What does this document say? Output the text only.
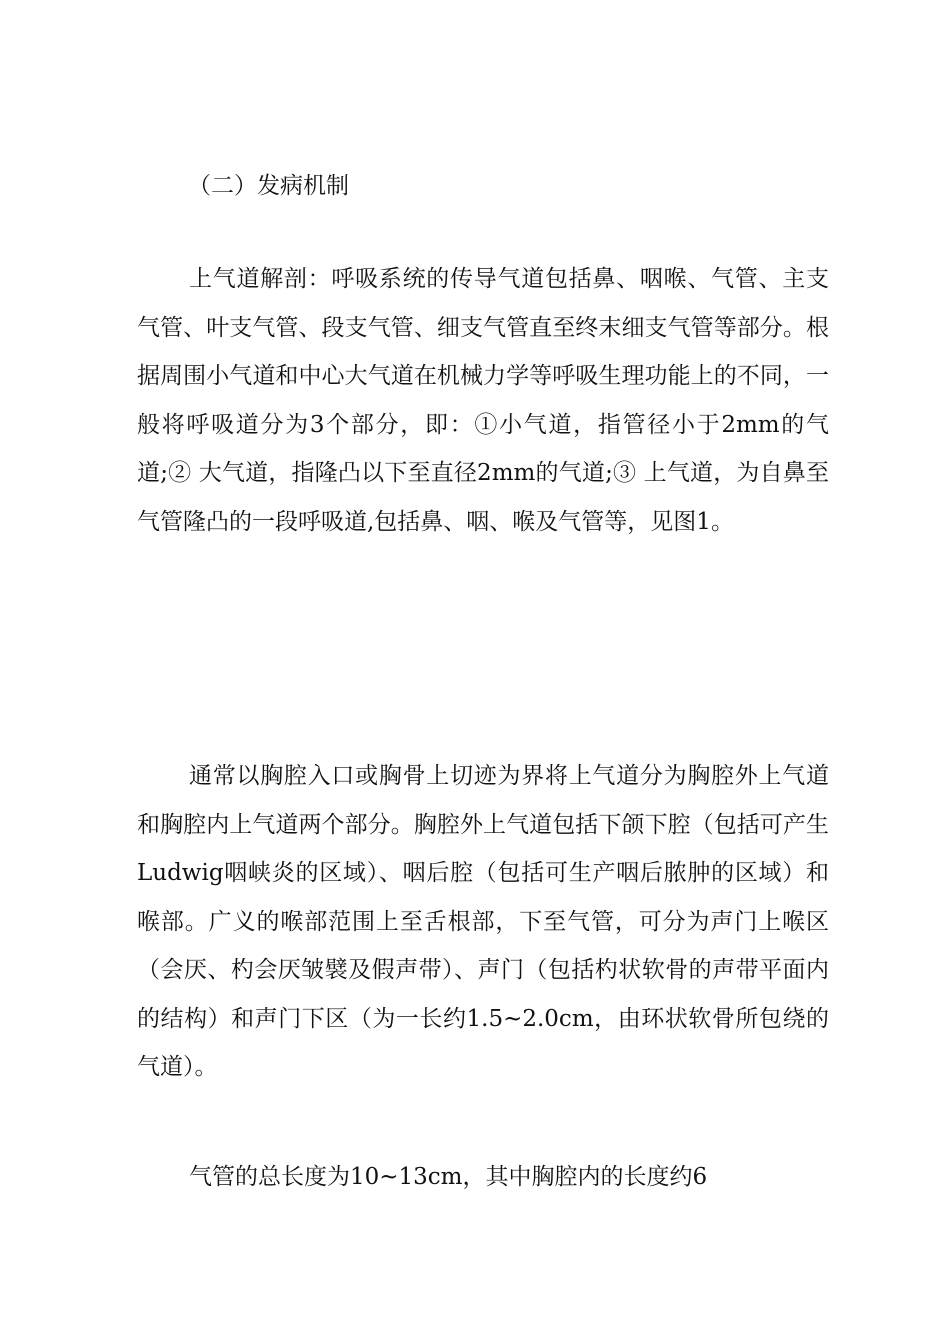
（二）发病机制

上气道解剖：呼吸系统的传导气道包括鼻、咽喉、气管、主支气管、叶支气管、段支气管、细支气管直至终末细支气管等部分。根据周围小气道和中心大气道在机械力学等呼吸生理功能上的不同，一般将呼吸道分为3个部分，即：①小气道，指管径小于2mm的气道;② 大气道，指隆凸以下至直径2mm的气道;③ 上气道，为自鼻至气管隆凸的一段呼吸道,包括鼻、咽、喉及气管等，见图1。

通常以胸腔入口或胸骨上切迹为界将上气道分为胸腔外上气道和胸腔内上气道两个部分。胸腔外上气道包括下颌下腔（包括可产生Ludwig咽峡炎的区域）、咽后腔（包括可生产咽后脓肿的区域）和喉部。广义的喉部范围上至舌根部，下至气管，可分为声门上喉区（会厌、杓会厌皱襞及假声带）、声门（包括杓状软骨的声带平面内的结构）和声门下区（为一长约1.5~2.0cm，由环状软骨所包绕的气道）。

气管的总长度为10~13cm，其中胸腔内的长度约6
